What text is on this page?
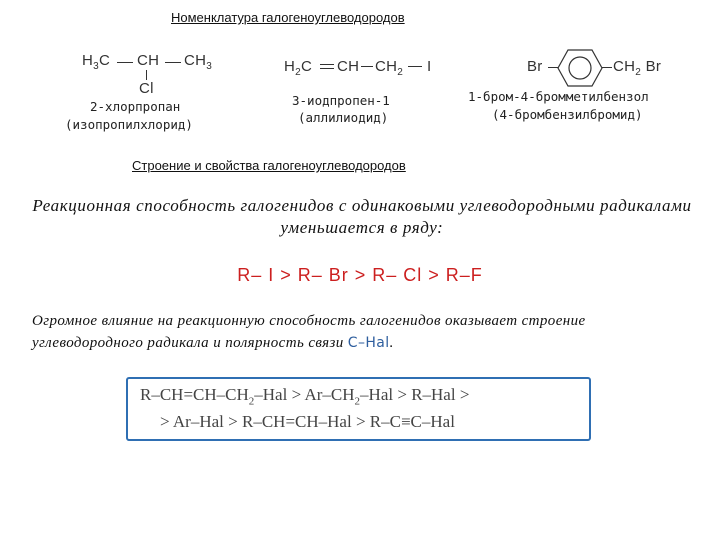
Номенклатура галогеноуглеводородов
$H_3C$ CH $CH_3$
Cl
2-хлорпропан
(изопропилхлорид)
$H_2C$ CH $CH_2$ I
3-иодпропен-1
(аллилиодид)
Br	$CH_2$ Br
1-бром-4-бромметилбензол
(4-бромбензилбромид)
Строение и свойства галогеноуглеводородов
Реакционная способность галогенидов с одинаковыми углеводородными радикалами уменьшается в ряду:
R– I > R– Br > R– Cl > R–F
Огромное влияние на реакционную способность галогенидов оказывает строение углеводородного радикала и полярность связи C–Hal.
$R-CH=CH-CH_2$–Hal > $Ar-CH_2$–Hal > R–Hal >
> Ar–Hal > R–CH=CH–Hal > R–C≡C–Hal
